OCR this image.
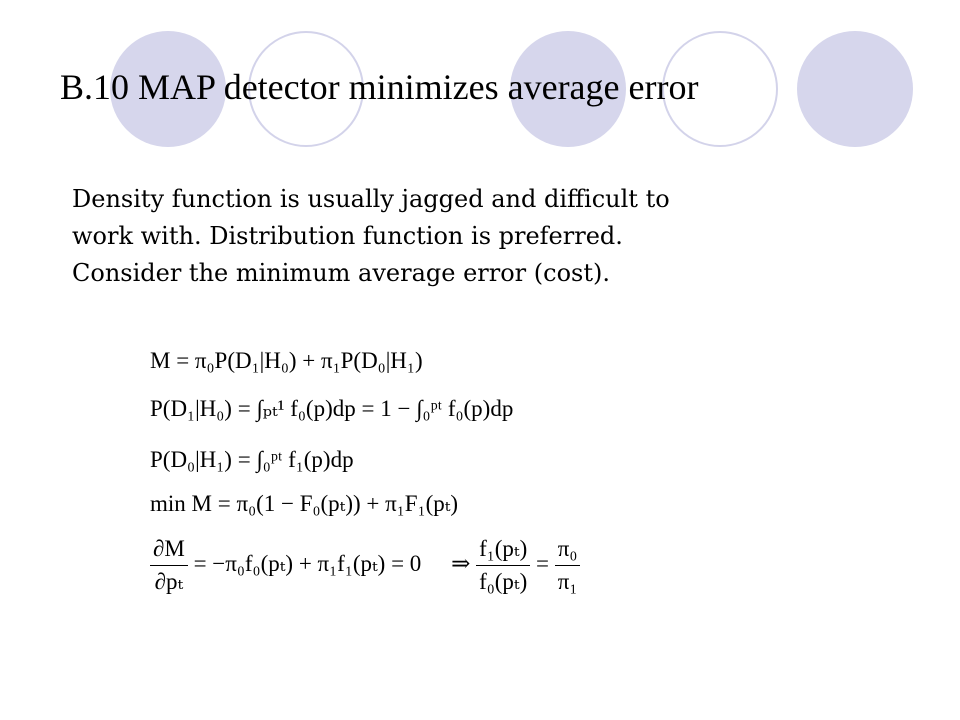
B.10 MAP detector minimizes average error
Density function is usually jagged and difficult to
work with. Distribution function is preferred.
Consider the minimum average error (cost).
M = π₀P(D₁|H₀) + π₁P(D₀|H₁)
P(D₁|H₀) = ∫ₚₜ¹ f₀(p)dp = 1 − ∫₀ᵖᵗ f₀(p)dp
P(D₀|H₁) = ∫₀ᵖᵗ f₁(p)dp
min M = π₀(1 − F₀(pₜ)) + π₁F₁(pₜ)
$\frac{\partial M}{\text{∂pₜ}} = -\pi_0f_0(p_t) + \pi_1f_1(p_t) = 0$ ⇒ $\frac{\text{f₁(pₜ)}}{\text{f₀(pₜ)}} = \frac{\text{π₀}}{\text{π₁}}$
